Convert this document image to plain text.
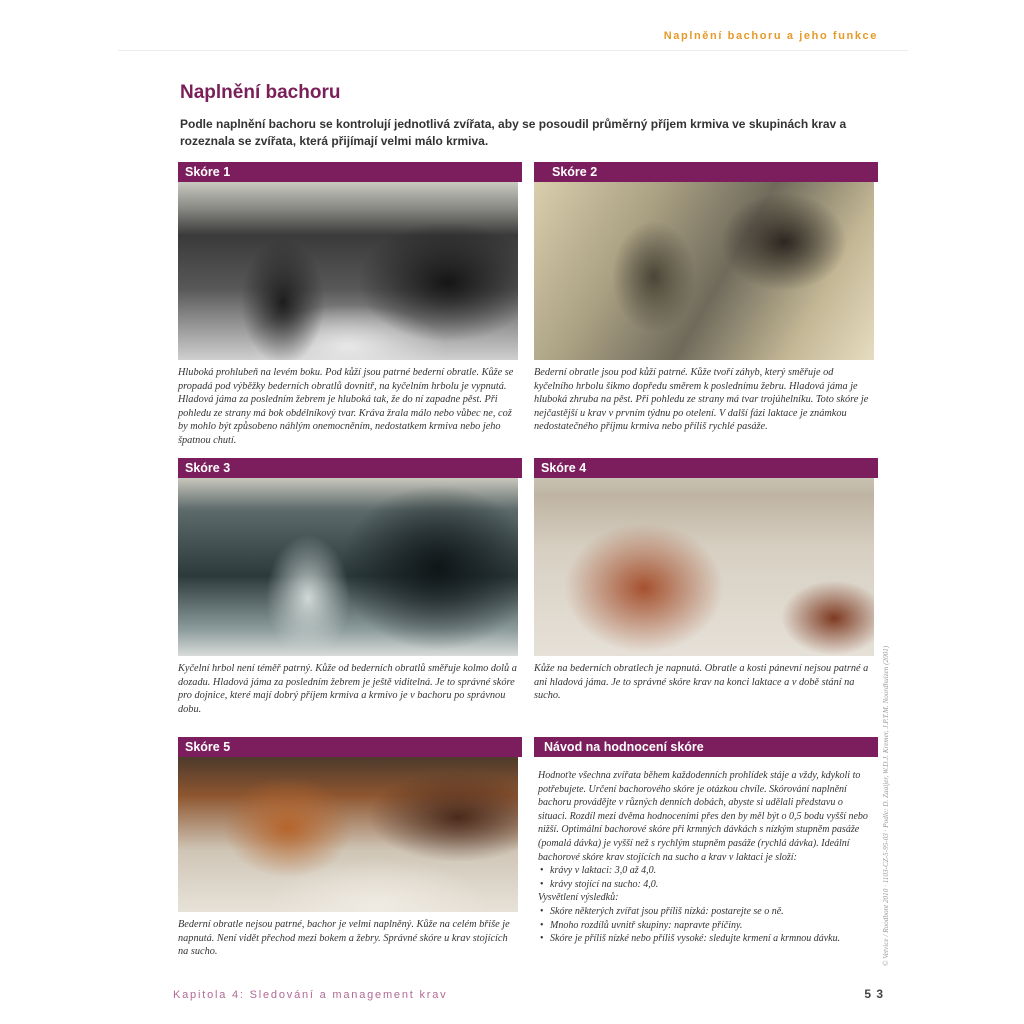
Naplnění bachoru a jeho funkce
Naplnění bachoru

Podle naplnění bachoru se kontrolují jednotlivá zvířata, aby se posoudil průměrný příjem krmiva ve skupinách krav a rozeznala se zvířata, která přijímají velmi málo krmiva.

Skóre 1

Hluboká prohlubeň na levém boku. Pod kůží jsou patrné bederní obratle. Kůže se propadá pod výběžky bederních obratlů dovnitř, na kyčelním hrbolu je vypnutá. Hladová jáma za posledním žebrem je hluboká tak, že do ní zapadne pěst. Při pohledu ze strany má bok obdélníkový tvar. Kráva žrala málo nebo vůbec ne, což by mohlo být způsobeno náhlým onemocněním, nedostatkem krmiva nebo jeho špatnou chutí.

Skóre 2

Bederní obratle jsou pod kůží patrné. Kůže tvoří záhyb, který směřuje od kyčelního hrbolu šikmo dopředu směrem k poslednímu žebru. Hladová jáma je hluboká zhruba na pěst. Při pohledu ze strany má tvar trojúhelníku. Toto skóre je nejčastější u krav v prvním týdnu po otelení. V další fázi laktace je známkou nedostatečného příjmu krmiva nebo příliš rychlé pasáže.

Skóre 3

Kyčelní hrbol není téměř patrný. Kůže od bederních obratlů směřuje kolmo dolů a dozadu. Hladová jáma za posledním žebrem je ještě viditelná. Je to správné skóre pro dojnice, které mají dobrý příjem krmiva a krmivo je v bachoru po správnou dobu.

Skóre 4

Kůže na bederních obratlech je napnutá. Obratle a kosti pánevní nejsou patrné a ani hladová jáma. Je to správné skóre krav na konci laktace a v době stání na sucho.

Skóre 5

Bederní obratle nejsou patrné, bachor je velmi naplněný. Kůže na celém břiše je napnutá. Není vidět přechod mezi bokem a žebry. Správné skóre u krav stojících na sucho.

Návod na hodnocení skóre

Hodnoťte všechna zvířata během každodenních prohlídek stáje a vždy, kdykoli to potřebujete. Určení bachorového skóre je otázkou chvíle. Skórování naplnění bachoru provádějte v různých denních dobách, abyste si udělali představu o situaci. Rozdíl mezi dvěma hodnoceními přes den by měl být o 0,5 bodu vyšší nebo nižší. Optimální bachorové skóre při krmných dávkách s nízkým stupněm pasáže (pomalá dávka) je vyšší než s rychlým stupněm pasáže (rychlá dávka). Ideální bachorové skóre krav stojících na sucho a krav v laktaci je složí:

• krávy v laktaci: 3,0 až 4,0.
• krávy stojící na sucho: 4,0.

Vysvětlení výsledků:

• Skóre některých zvířat jsou příliš nízká: postarejte se o ně.
• Mnoho rozdílů uvnitř skupiny: napravte příčiny.
• Skóre je příliš nízké nebo příliš vysoké: sledujte krmení a krmnou dávku.	© Vetvice / Roodbont 2010 · 1103-CZ-5-95-03 · Podle: D. Zaaijer, W.D.J. Kremer, J.P.T.M. Noordhuizen (2001)
Kapitola 4: Sledování a management krav	5 3
